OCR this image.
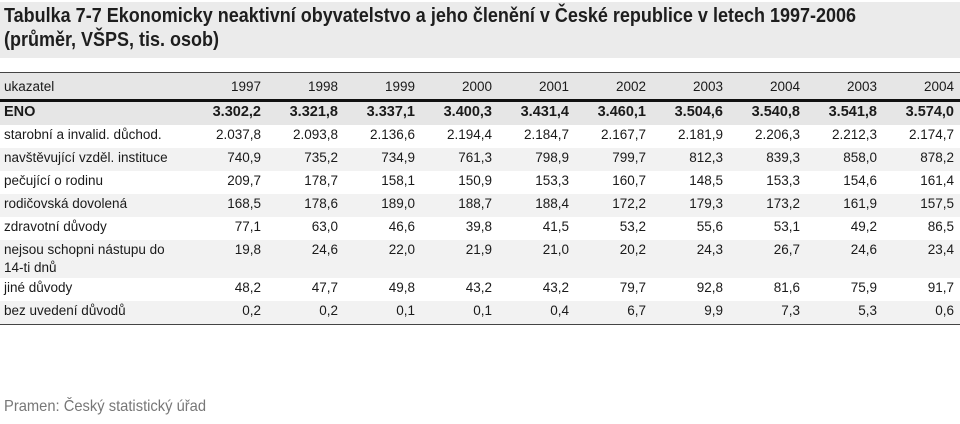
Tabulka 7-7 Ekonomicky neaktivní obyvatelstvo a jeho členění v České republice v letech 1997-2006
(průměr, VŠPS, tis. osob)
ukazatel	1997	1998	1999	2000	2001	2002	2003	2004	2003	2004
ENO	3.302,2	3.321,8	3.337,1	3.400,3	3.431,4	3.460,1	3.504,6	3.540,8	3.541,8	3.574,0
starobní a invalid. důchod.	2.037,8	2.093,8	2.136,6	2.194,4	2.184,7	2.167,7	2.181,9	2.206,3	2.212,3	2.174,7
navštěvující vzděl. instituce	740,9	735,2	734,9	761,3	798,9	799,7	812,3	839,3	858,0	878,2
pečující o rodinu	209,7	178,7	158,1	150,9	153,3	160,7	148,5	153,3	154,6	161,4
rodičovská dovolená	168,5	178,6	189,0	188,7	188,4	172,2	179,3	173,2	161,9	157,5
zdravotní důvody	77,1	63,0	46,6	39,8	41,5	53,2	55,6	53,1	49,2	86,5
nejsou schopni nástupu do 14-ti dnů	19,8	24,6	22,0	21,9	21,0	20,2	24,3	26,7	24,6	23,4
jiné důvody	48,2	47,7	49,8	43,2	43,2	79,7	92,8	81,6	75,9	91,7
bez uvedení důvodů	0,2	0,2	0,1	0,1	0,4	6,7	9,9	7,3	5,3	0,6
Pramen: Český statistický úřad
